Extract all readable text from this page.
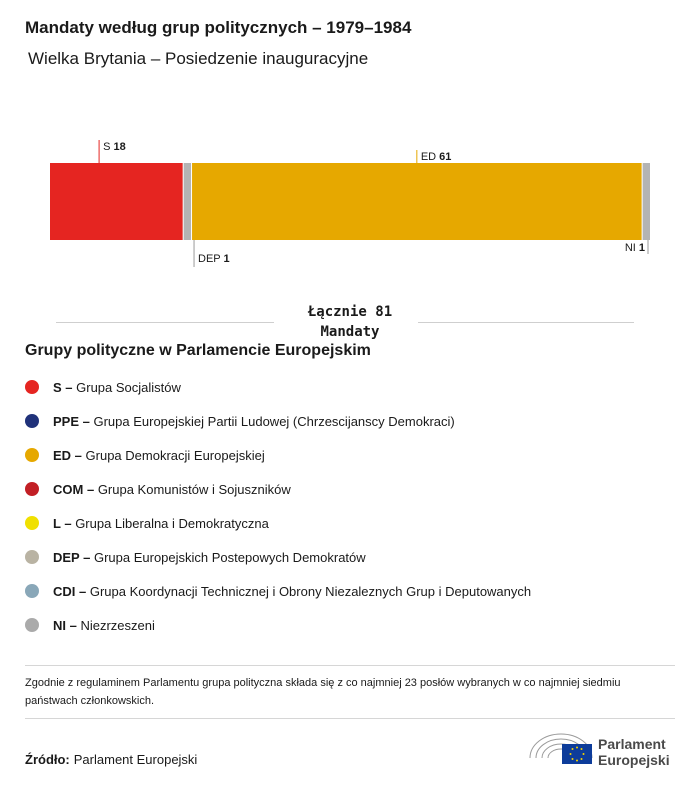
Mandaty według grup politycznych – 1979–1984
Wielka Brytania – Posiedzenie inauguracyjne
S 18
DEP 1
ED 61
NI 1
Łącznie 81
Mandaty
Grupy polityczne w Parlamencie Europejskim
S –	Grupa Socjalistów
PPE –	Grupa Europejskiej Partii Ludowej (Chrzescijanscy Demokraci)
ED –	Grupa Demokracji Europejskiej
COM –	Grupa Komunistów i Sojuszników
L –	Grupa Liberalna i Demokratyczna
DEP –	Grupa Europejskich Postepowych Demokratów
CDI –	Grupa Koordynacji Technicznej i Obrony Niezaleznych Grup i Deputowanych
NI –	Niezrzeszeni
Zgodnie z regulaminem Parlamentu grupa polityczna składa się z co najmniej 23 posłów wybranych w co najmniej siedmiu państwach członkowskich.
Źródło: Parlament Europejski
Parlament
Europejski
